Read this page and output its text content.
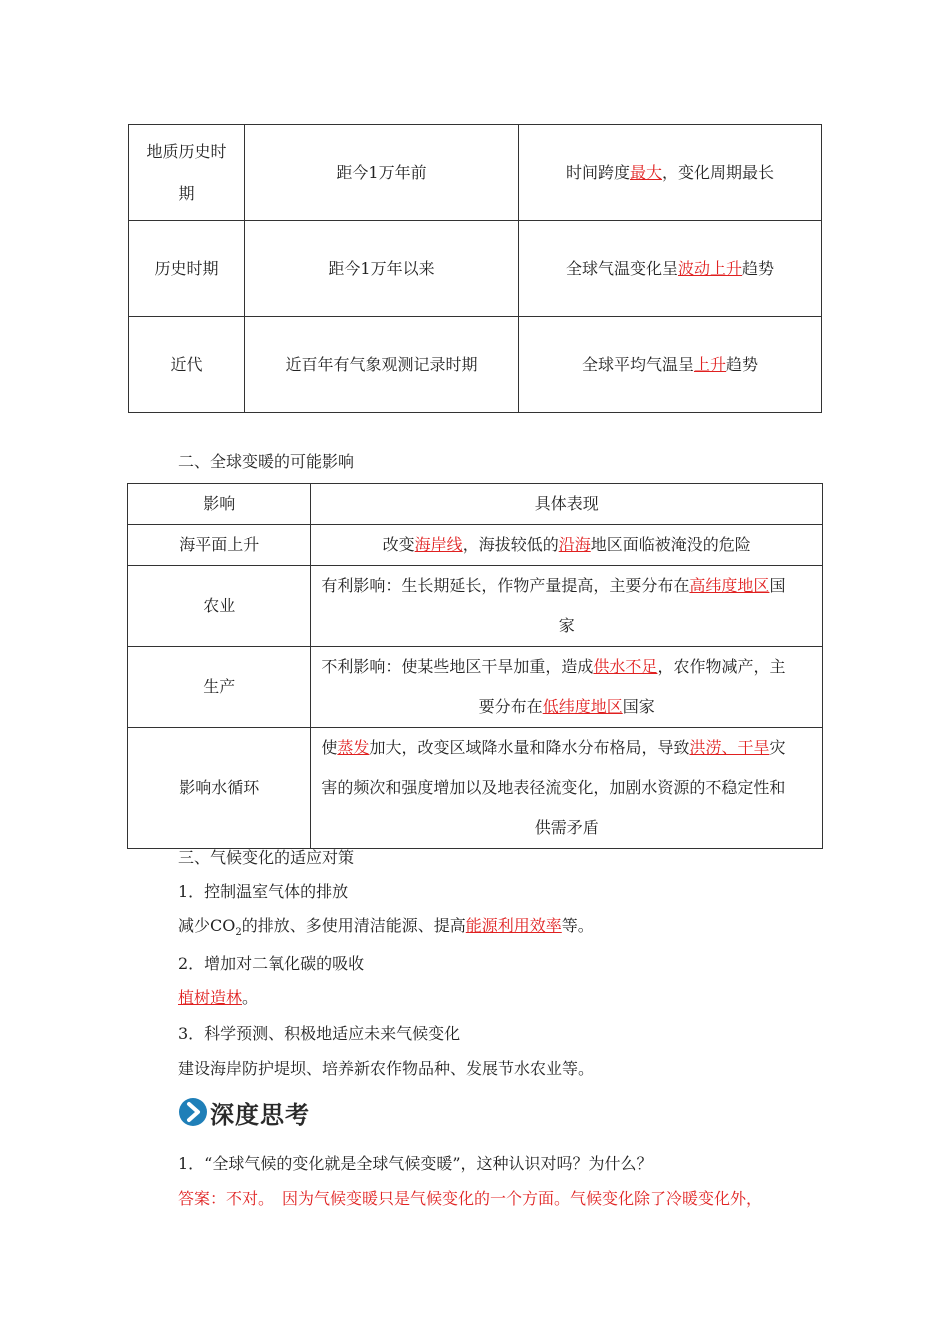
地质历史时
期	距今1万年前	时间跨度最大，变化周期最长
历史时期	距今1万年以来	全球气温变化呈波动上升趋势
近代	近百年有气象观测记录时期	全球平均气温呈上升趋势
二、全球变暖的可能影响
影响	具体表现
海平面上升	改变海岸线，海拔较低的沿海地区面临被淹没的危险
农业	有利影响：生长期延长，作物产量提高，主要分布在高纬度地区国

家

生产	不利影响：使某些地区干旱加重，造成供水不足，农作物减产，主
要分布在低纬度地区国家

影响水循环	使蒸发加大，改变区域降水量和降水分布格局，导致洪涝、干旱灾
害的频次和强度增加以及地表径流变化，加剧水资源的不稳定性和
供需矛盾
三、气候变化的适应对策
1．控制温室气体的排放
减少$CO_2$的排放、多使用清洁能源、提高能源利用效率等。
2．增加对二氧化碳的吸收
植树造林。
3．科学预测、积极地适应未来气候变化
建设海岸防护堤坝、培养新农作物品种、发展节水农业等。
深度思考
1．“全球气候的变化就是全球气候变暖”，这种认识对吗？为什么？
答案：不对。　因为气候变暖只是气候变化的一个方面。气候变化除了冷暖变化外，
